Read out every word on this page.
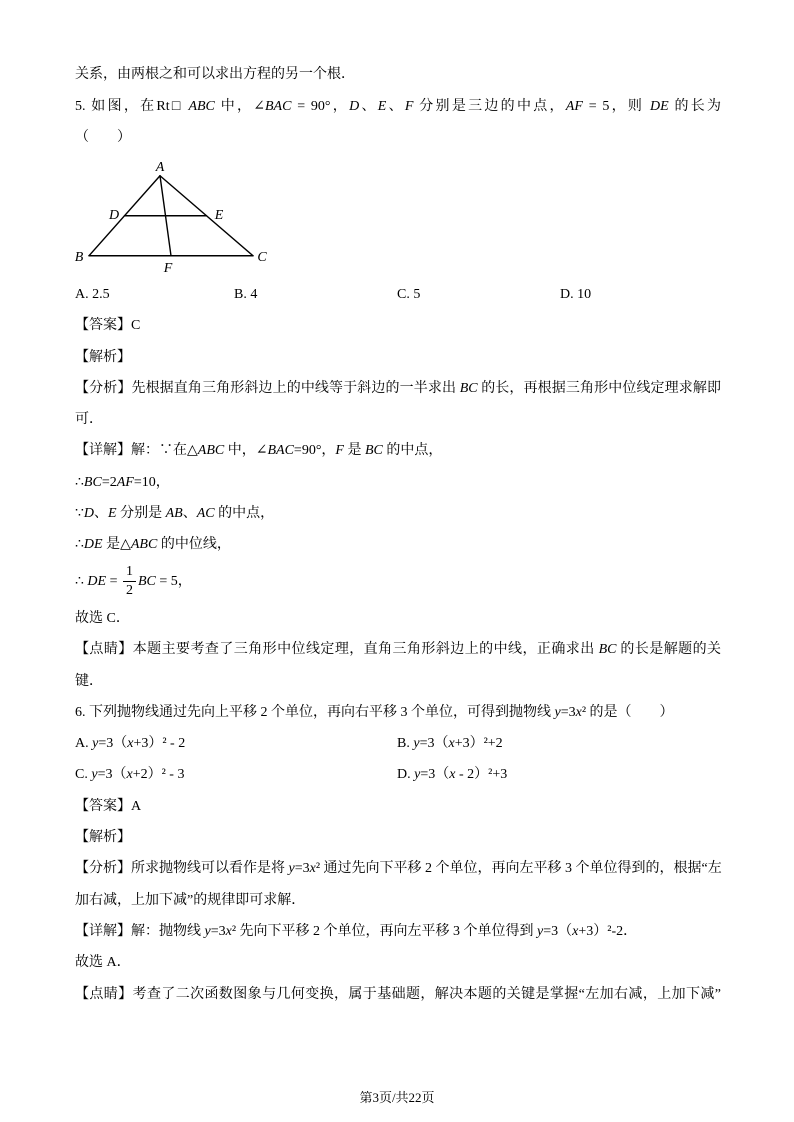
关系，由两根之和可以求出方程的另一个根．
5. 如图，在Rt□ ABC 中，∠BAC = 90°，D、E、F 分别是三边的中点，AF = 5，则 DE 的长为
（　　）
A
B	C
D	E
F
A. 2.5	B. 4	C. 5	D. 10
【答案】C
【解析】
【分析】先根据直角三角形斜边上的中线等于斜边的一半求出 BC 的长，再根据三角形中位线定理求解即
可．
【详解】解：∵在△ABC 中，∠BAC=90°，F 是 BC 的中点，
∴BC=2AF=10，
∵D、E 分别是 AB、AC 的中点，
∴DE 是△ABC 的中位线，
∴ DE = $\frac{1}{2}$ BC = 5，
故选 C．
【点睛】本题主要考查了三角形中位线定理，直角三角形斜边上的中线，正确求出 BC 的长是解题的关
键．
6. 下列抛物线通过先向上平移 2 个单位，再向右平移 3 个单位，可得到抛物线 y=3x² 的是（　　）
A. y=3（x+3）² - 2	B. y=3（x+3）²+2
C. y=3（x+2）² - 3	D. y=3（x - 2）²+3
【答案】A
【解析】
【分析】所求抛物线可以看作是将 y=3x² 通过先向下平移 2 个单位，再向左平移 3 个单位得到的，根据“左
加右减，上加下减”的规律即可求解．
【详解】解：抛物线 y=3x² 先向下平移 2 个单位，再向左平移 3 个单位得到 y=3（x+3）²-2．
故选 A．
【点睛】考查了二次函数图象与几何变换，属于基础题，解决本题的关键是掌握“左加右减，上加下减”
第3页/共22页
